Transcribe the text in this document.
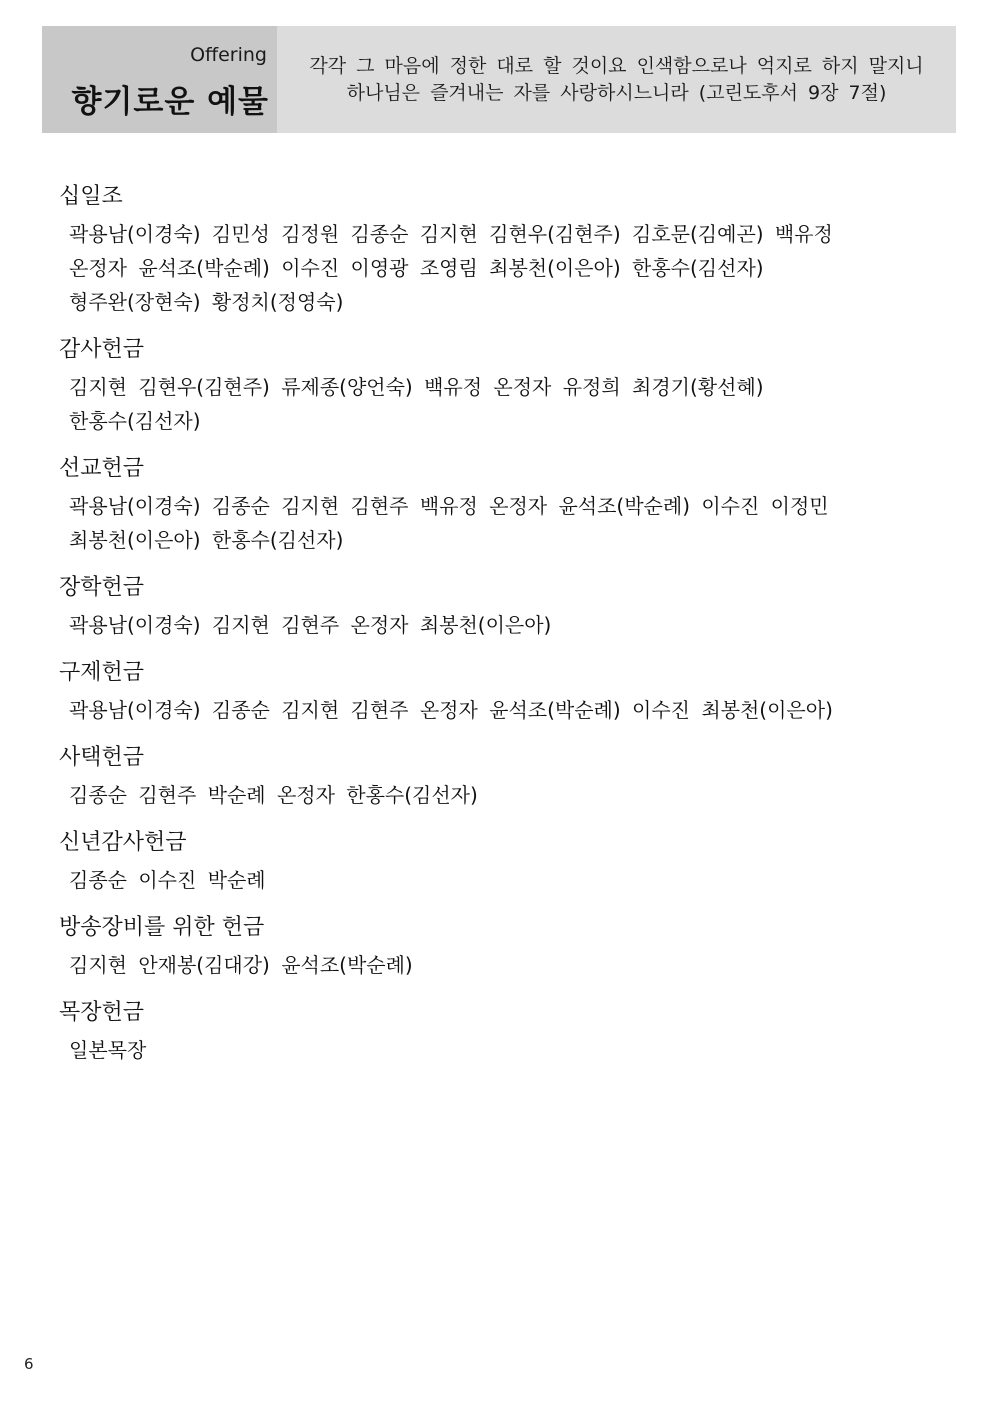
Offering
향기로운 예물
각각 그 마음에 정한 대로 할 것이요 인색함으로나 억지로 하지 말지니
하나님은 즐겨내는 자를 사랑하시느니라 (고린도후서 9장 7절)
십일조
곽용남(이경숙) 김민성 김정원 김종순 김지현 김현우(김현주) 김호문(김예곤) 백유정
온정자 윤석조(박순례) 이수진 이영광 조영림 최봉천(이은아) 한홍수(김선자)
형주완(장현숙) 황정치(정영숙)
감사헌금
김지현 김현우(김현주) 류제종(양언숙) 백유정 온정자 유정희 최경기(황선혜)
한홍수(김선자)
선교헌금
곽용남(이경숙) 김종순 김지현 김현주 백유정 온정자 윤석조(박순례) 이수진 이정민
최봉천(이은아) 한홍수(김선자)
장학헌금
곽용남(이경숙) 김지현 김현주 온정자 최봉천(이은아)
구제헌금
곽용남(이경숙) 김종순 김지현 김현주 온정자 윤석조(박순례) 이수진 최봉천(이은아)
사택헌금
김종순 김현주 박순례 온정자 한홍수(김선자)
신년감사헌금
김종순 이수진 박순례
방송장비를 위한 헌금
김지현 안재봉(김대강) 윤석조(박순례)
목장헌금
일본목장
6
